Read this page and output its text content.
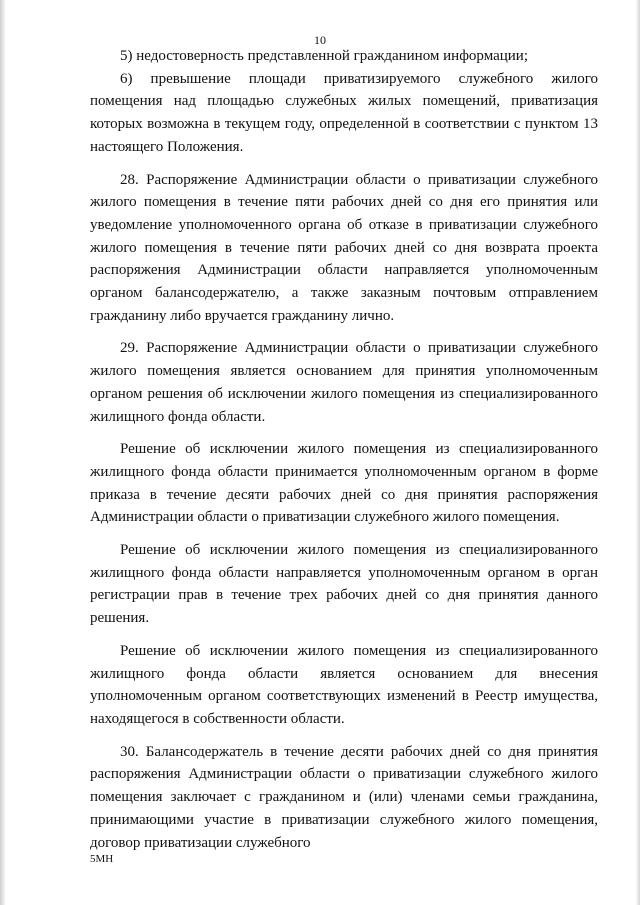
10

5) недостоверность представленной гражданином информации;

6) превышение площади приватизируемого служебного жилого помещения над площадью служебных жилых помещений, приватизация которых возможна в текущем году, определенной в соответствии с пунктом 13 настоящего Положения.

28. Распоряжение Администрации области о приватизации служебного жилого помещения в течение пяти рабочих дней со дня его принятия или уведомление уполномоченного органа об отказе в приватизации служебного жилого помещения в течение пяти рабочих дней со дня возврата проекта распоряжения Администрации области направляется уполномоченным органом балансодержателю, а также заказным почтовым отправлением гражданину либо вручается гражданину лично.

29. Распоряжение Администрации области о приватизации служебного жилого помещения является основанием для принятия уполномоченным органом решения об исключении жилого помещения из специализированного жилищного фонда области.

Решение об исключении жилого помещения из специализированного жилищного фонда области принимается уполномоченным органом в форме приказа в течение десяти рабочих дней со дня принятия распоряжения Администрации области о приватизации служебного жилого помещения.

Решение об исключении жилого помещения из специализированного жилищного фонда области направляется уполномоченным органом в орган регистрации прав в течение трех рабочих дней со дня принятия данного решения.

Решение об исключении жилого помещения из специализированного жилищного фонда области является основанием для внесения уполномоченным органом соответствующих изменений в Реестр имущества, находящегося в собственности области.

30. Балансодержатель в течение десяти рабочих дней со дня принятия распоряжения Администрации области о приватизации служебного жилого помещения заключает с гражданином и (или) членами семьи гражданина, принимающими участие в приватизации служебного жилого помещения, договор приватизации служебного

5МН
